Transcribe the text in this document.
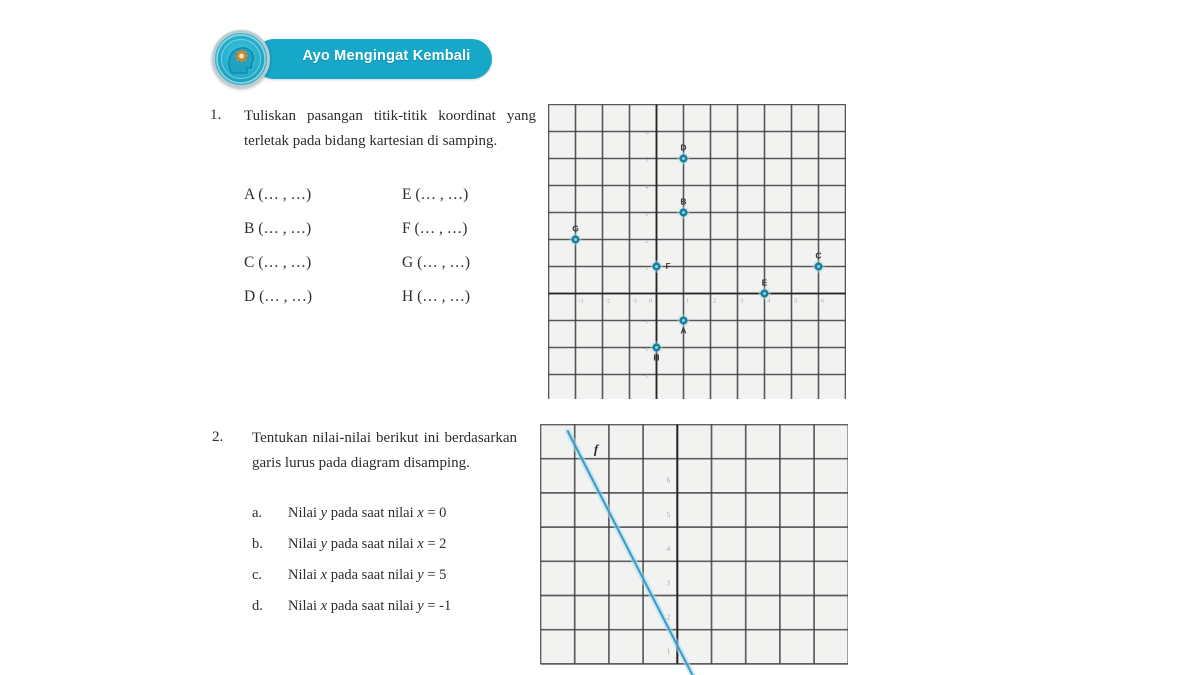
Ayo Mengingat Kembali
1. Tuliskan pasangan titik-titik koordinat yang terletak pada bidang kartesian di samping.
A (… , …)	E (… , …)
B (… , …)	F (… , …)
C (… , …)	G (… , …)
D (… , …)	H (… , …)
2. Tentukan nilai-nilai berikut ini berdasarkan garis lurus pada diagram disamping.
a.	Nilai y pada saat nilai x = 0
b.	Nilai y pada saat nilai x = 2
c.	Nilai x pada saat nilai y = 5
d.	Nilai x pada saat nilai y = -1
-3	-2	-1	1	2	3	4	5	6
-3
-2
-1
1
2
3
4
5
6
0
A
B
C
D
E
F
G
H
1
2
3
4
5
6
f
